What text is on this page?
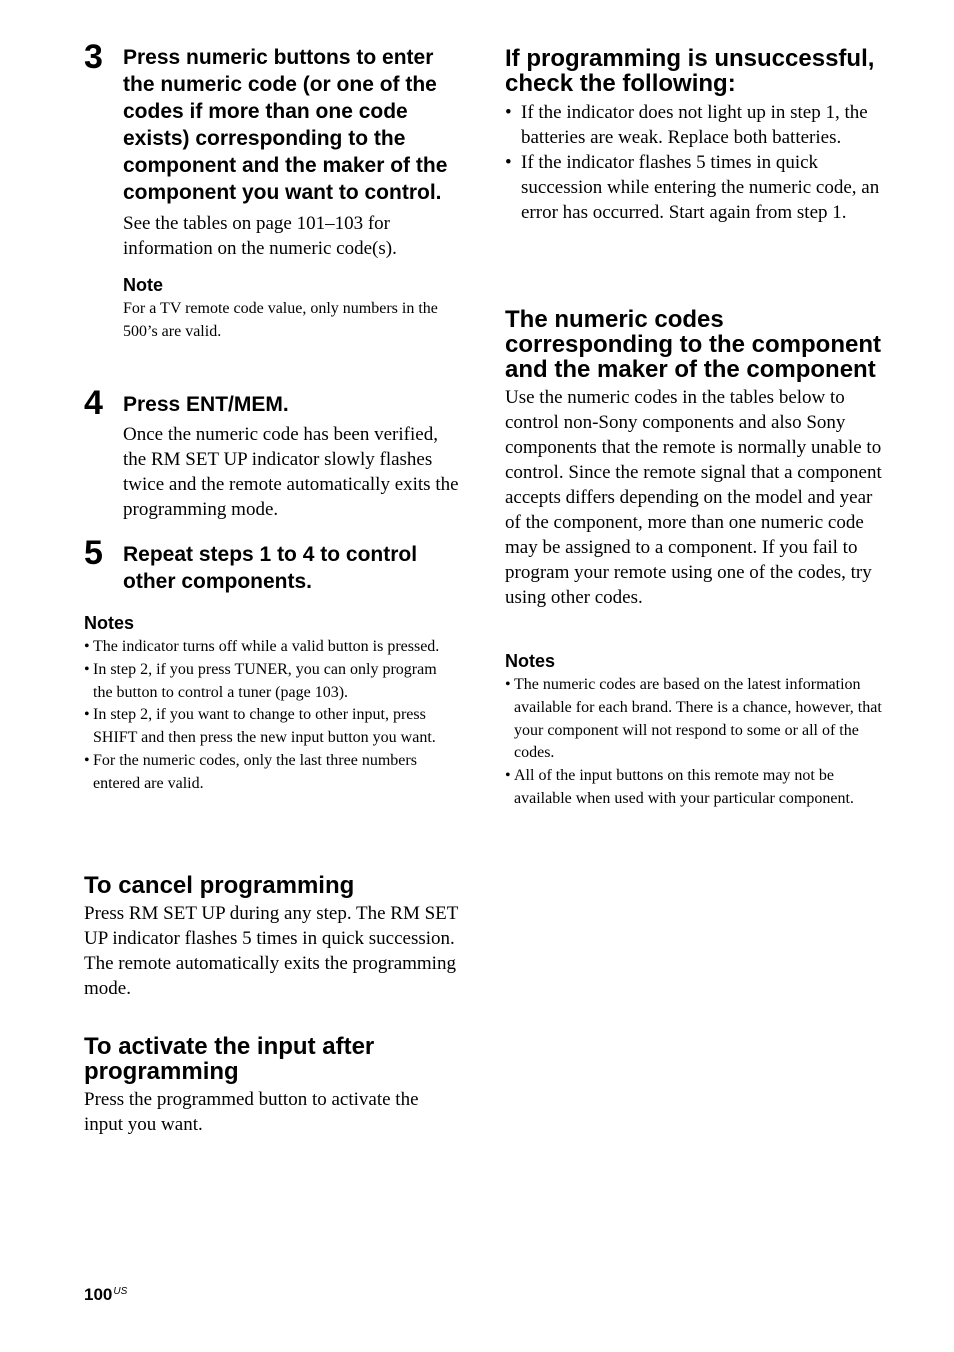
3 Press numeric buttons to enter the numeric code (or one of the codes if more than one code exists) corresponding to the component and the maker of the component you want to control.

See the tables on page 101–103 for information on the numeric code(s).

Note

For a TV remote code value, only numbers in the 500’s are valid.

4 Press ENT/MEM.

Once the numeric code has been verified, the RM SET UP indicator slowly flashes twice and the remote automatically exits the programming mode.

5 Repeat steps 1 to 4 to control other components.

Notes

• The indicator turns off while a valid button is pressed.
• In step 2, if you press TUNER, you can only program the button to control a tuner (page 103).
• In step 2, if you want to change to other input, press SHIFT and then press the new input button you want.
• For the numeric codes, only the last three numbers entered are valid.

To cancel programming

Press RM SET UP during any step. The RM SET UP indicator flashes 5 times in quick succession. The remote automatically exits the programming mode.

To activate the input after programming

Press the programmed button to activate the input you want.

If programming is unsuccessful, check the following:

• If the indicator does not light up in step 1, the batteries are weak. Replace both batteries.
• If the indicator flashes 5 times in quick succession while entering the numeric code, an error has occurred. Start again from step 1.

The numeric codes corresponding to the component and the maker of the component

Use the numeric codes in the tables below to control non-Sony components and also Sony components that the remote is normally unable to control. Since the remote signal that a component accepts differs depending on the model and year of the component, more than one numeric code may be assigned to a component. If you fail to program your remote using one of the codes, try using other codes.

Notes

• The numeric codes are based on the latest information available for each brand. There is a chance, however, that your component will not respond to some or all of the codes.
• All of the input buttons on this remote may not be available when used with your particular component.
$100^{US}$
